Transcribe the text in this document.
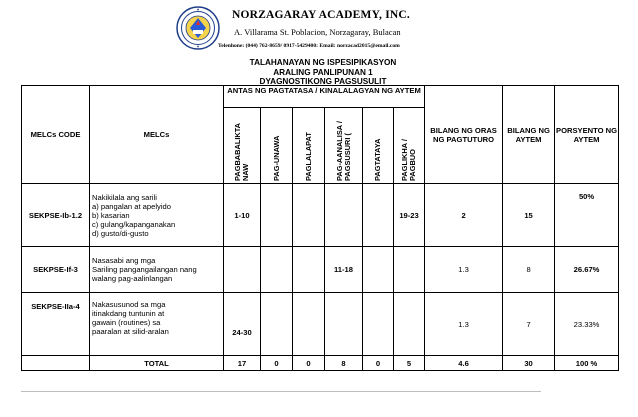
NORZAGARAY ACADEMY, INC.
A. Villarama St. Poblacion, Norzagaray, Bulacan
Telenhone: (044) 762-8659/ 0917-5429400: Email: norzacad2015@email.com
TALAHANAYAN NG ISPESIPIKASYON
ARALING PANLIPUNAN 1
DYAGNOSTIKONG PAGSUSULIT
MELCs CODE	MELCs	ANTAS NG PAGTATASA / KINALALAGYAN NG AYTEM						BILANG NG ORAS NG PAGTUTURO	BILANG NG AYTEM	PORSYENTO NG AYTEM

		PAGBABALIKTA NAW	PAG-UNAWA	PAGLALAPAT	PAG-AANALISA / PAGSUSURI (	PAGTATAYA	PAGLIKHA / PAGBUO			

SEKPSE-Ib-1.2	Nakikilala ang sarili
a) pangalan at apelyido
b) kasarian
c) gulang/kapanganakan
d) gusto/di-gusto	1-10					19-23	2	15	50%
SEKPSE-If-3	Nasasabi ang mga
Sariling pangangailangan nang
walang pag-aalinlangan				11-18			1.3	8	26.67%
SEKPSE-IIa-4	Nakasusunod sa mga
itinakdang tuntunin at
gawain (routines) sa
paaralan at silid-aralan	24-30						1.3	7	23.33%
	TOTAL	17	0	0	8	0	5	4.6	30	100 %
